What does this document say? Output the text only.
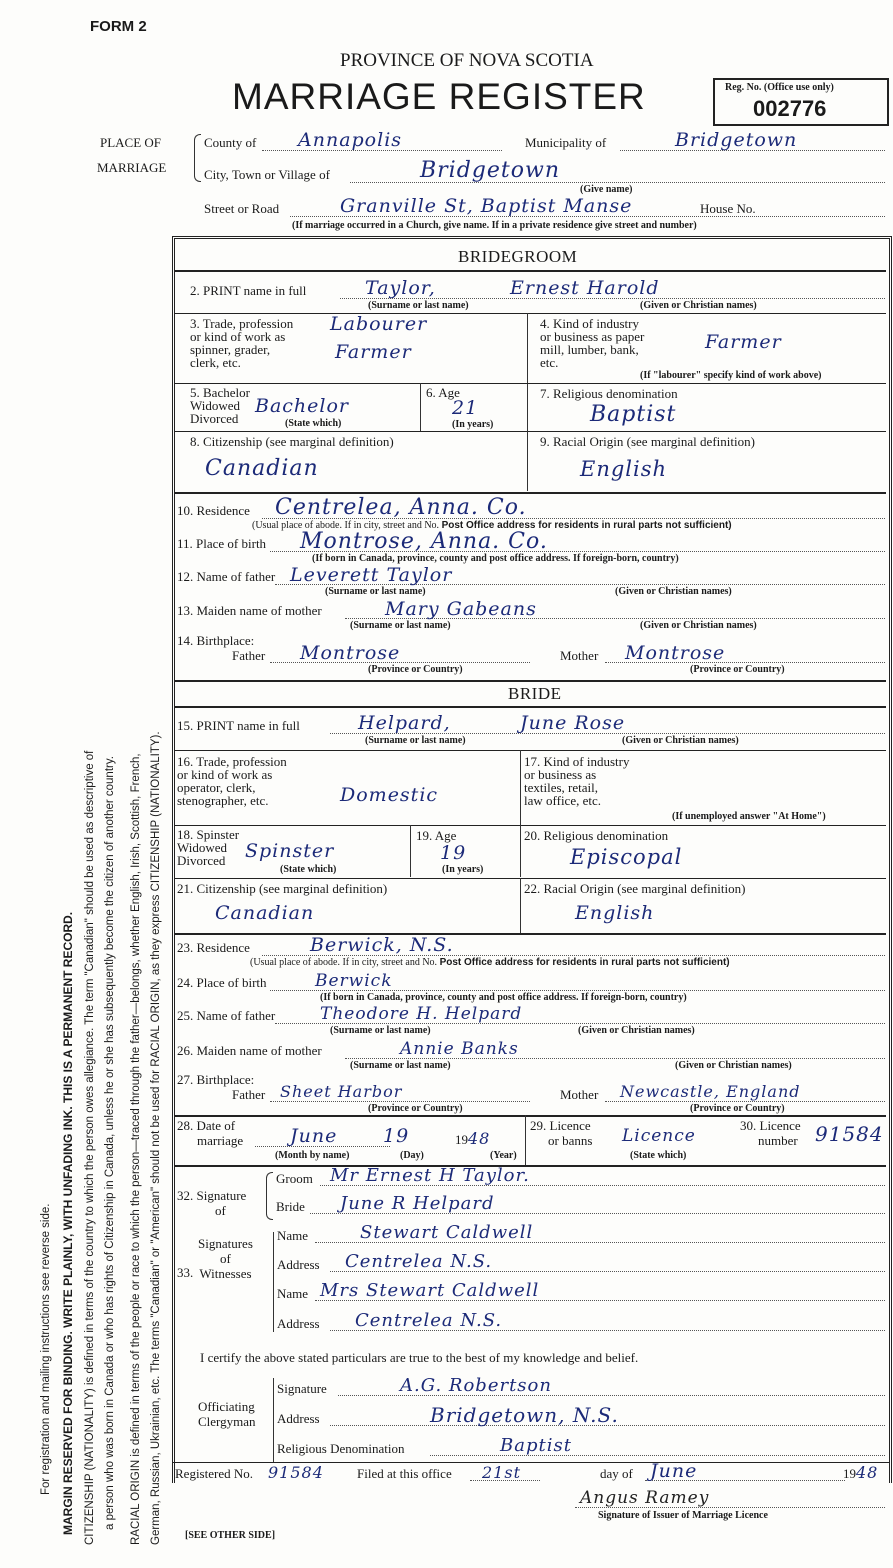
For registration and mailing instructions see reverse side. MARGIN RESERVED FOR BINDING. WRITE PLAINLY, WITH UNFADING INK. THIS IS A PERMANENT RECORD. CITIZENSHIP (NATIONALITY) is defined in terms of the country to which the person owes allegiance. The term "Canadian" should be used as descriptive of a person who was born in Canada or who has rights of Citizenship in Canada, unless he or she has subsequently become the citizen of another country. RACIAL ORIGIN is defined in terms of the people or race to which the person—traced through the father—belongs, whether English, Irish, Scottish, French, German, Russian, Ukrainian, etc. The terms "Canadian" or "American" should not be used for RACIAL ORIGIN, as they express CITIZENSHIP (NATIONALITY).
FORM 2
PROVINCE OF NOVA SCOTIA
MARRIAGE REGISTER	Reg. No. (Office use only)
002776
PLACE OF
MARRIAGE
County of Annapolis	Municipality of	Bridgetown
City, Town or Village of	Bridgetown
(Give name)
Street or Road	Granville St, Baptist Manse	House No.
(If marriage occurred in a Church, give name. If in a private residence give street and number)
BRIDEGROOM
2. PRINT name in full	Taylor,	Ernest Harold
(Surname or last name)	(Given or Christian names)
3. Trade, profession
or kind of work as
spinner, grader,
clerk, etc.
Labourer
Farmer
4. Kind of industry
or business as paper
mill, lumber, bank,
etc.
Farmer
(If "labourer" specify kind of work above)
5. Bachelor
Widowed
Divorced
Bachelor
(State which)
6. Age
21
(In years)
7. Religious denomination
Baptist
8. Citizenship (see marginal definition)
Canadian
9. Racial Origin (see marginal definition)
English
10. Residence Centrelea, Anna. Co.
(Usual place of abode. If in city, street and No. Post Office address for residents in rural parts not sufficient)
11. Place of birth Montrose, Anna. Co.
(If born in Canada, province, county and post office address. If foreign-born, country)
12. Name of father Leverett Taylor
(Surname or last name)	(Given or Christian names)
13. Maiden name of mother	Mary Gabeans
(Surname or last name)	(Given or Christian names)
14. Birthplace:
Father Montrose	Mother Montrose
(Province or Country)	(Province or Country)
BRIDE
15. PRINT name in full	Helpard,	June Rose
(Surname or last name)	(Given or Christian names)
16. Trade, profession
or kind of work as
operator, clerk,
stenographer, etc.	Domestic
17. Kind of industry
or business as
textiles, retail,
law office, etc.
(If unemployed answer "At Home")
18. Spinster
Widowed
Divorced	Spinster
(State which)
19. Age
19
(In years)
20. Religious denomination
Episcopal
21. Citizenship (see marginal definition)
Canadian
22. Racial Origin (see marginal definition)
English
23. Residence	Berwick, N.S.
(Usual place of abode. If in city, street and No. Post Office address for residents in rural parts not sufficient)
24. Place of birth	Berwick
(If born in Canada, province, county and post office address. If foreign-born, country)
25. Name of father	Theodore H. Helpard
(Surname or last name)	(Given or Christian names)
26. Maiden name of mother	Annie Banks
(Surname or last name)	(Given or Christian names)
27. Birthplace:
Father Sheet Harbor	Mother Newcastle, England
(Province or Country)	(Province or Country)
28. Date of
marriage June 19	1948
(Month by name)	(Day)	(Year)
29. Licence
or banns Licence
(State which)
30. Licence
number 91584
32. Signature
of
Groom Mr Ernest H Taylor.
Bride June R Helpard
33.
Signatures
of
Witnesses
Name	Stewart Caldwell
Address Centrelea N.S.
Name Mrs Stewart Caldwell
Address Centrelea N.S.
I certify the above stated particulars are true to the best of my knowledge and belief.
Officiating
Clergyman
Signature	A.G. Robertson
Address	Bridgetown, N.S.
Religious Denomination	Baptist
Registered No. 91584	Filed at this office 21st	day of June	1948
Angus Ramey
Signature of Issuer of Marriage Licence
[SEE OTHER SIDE]
